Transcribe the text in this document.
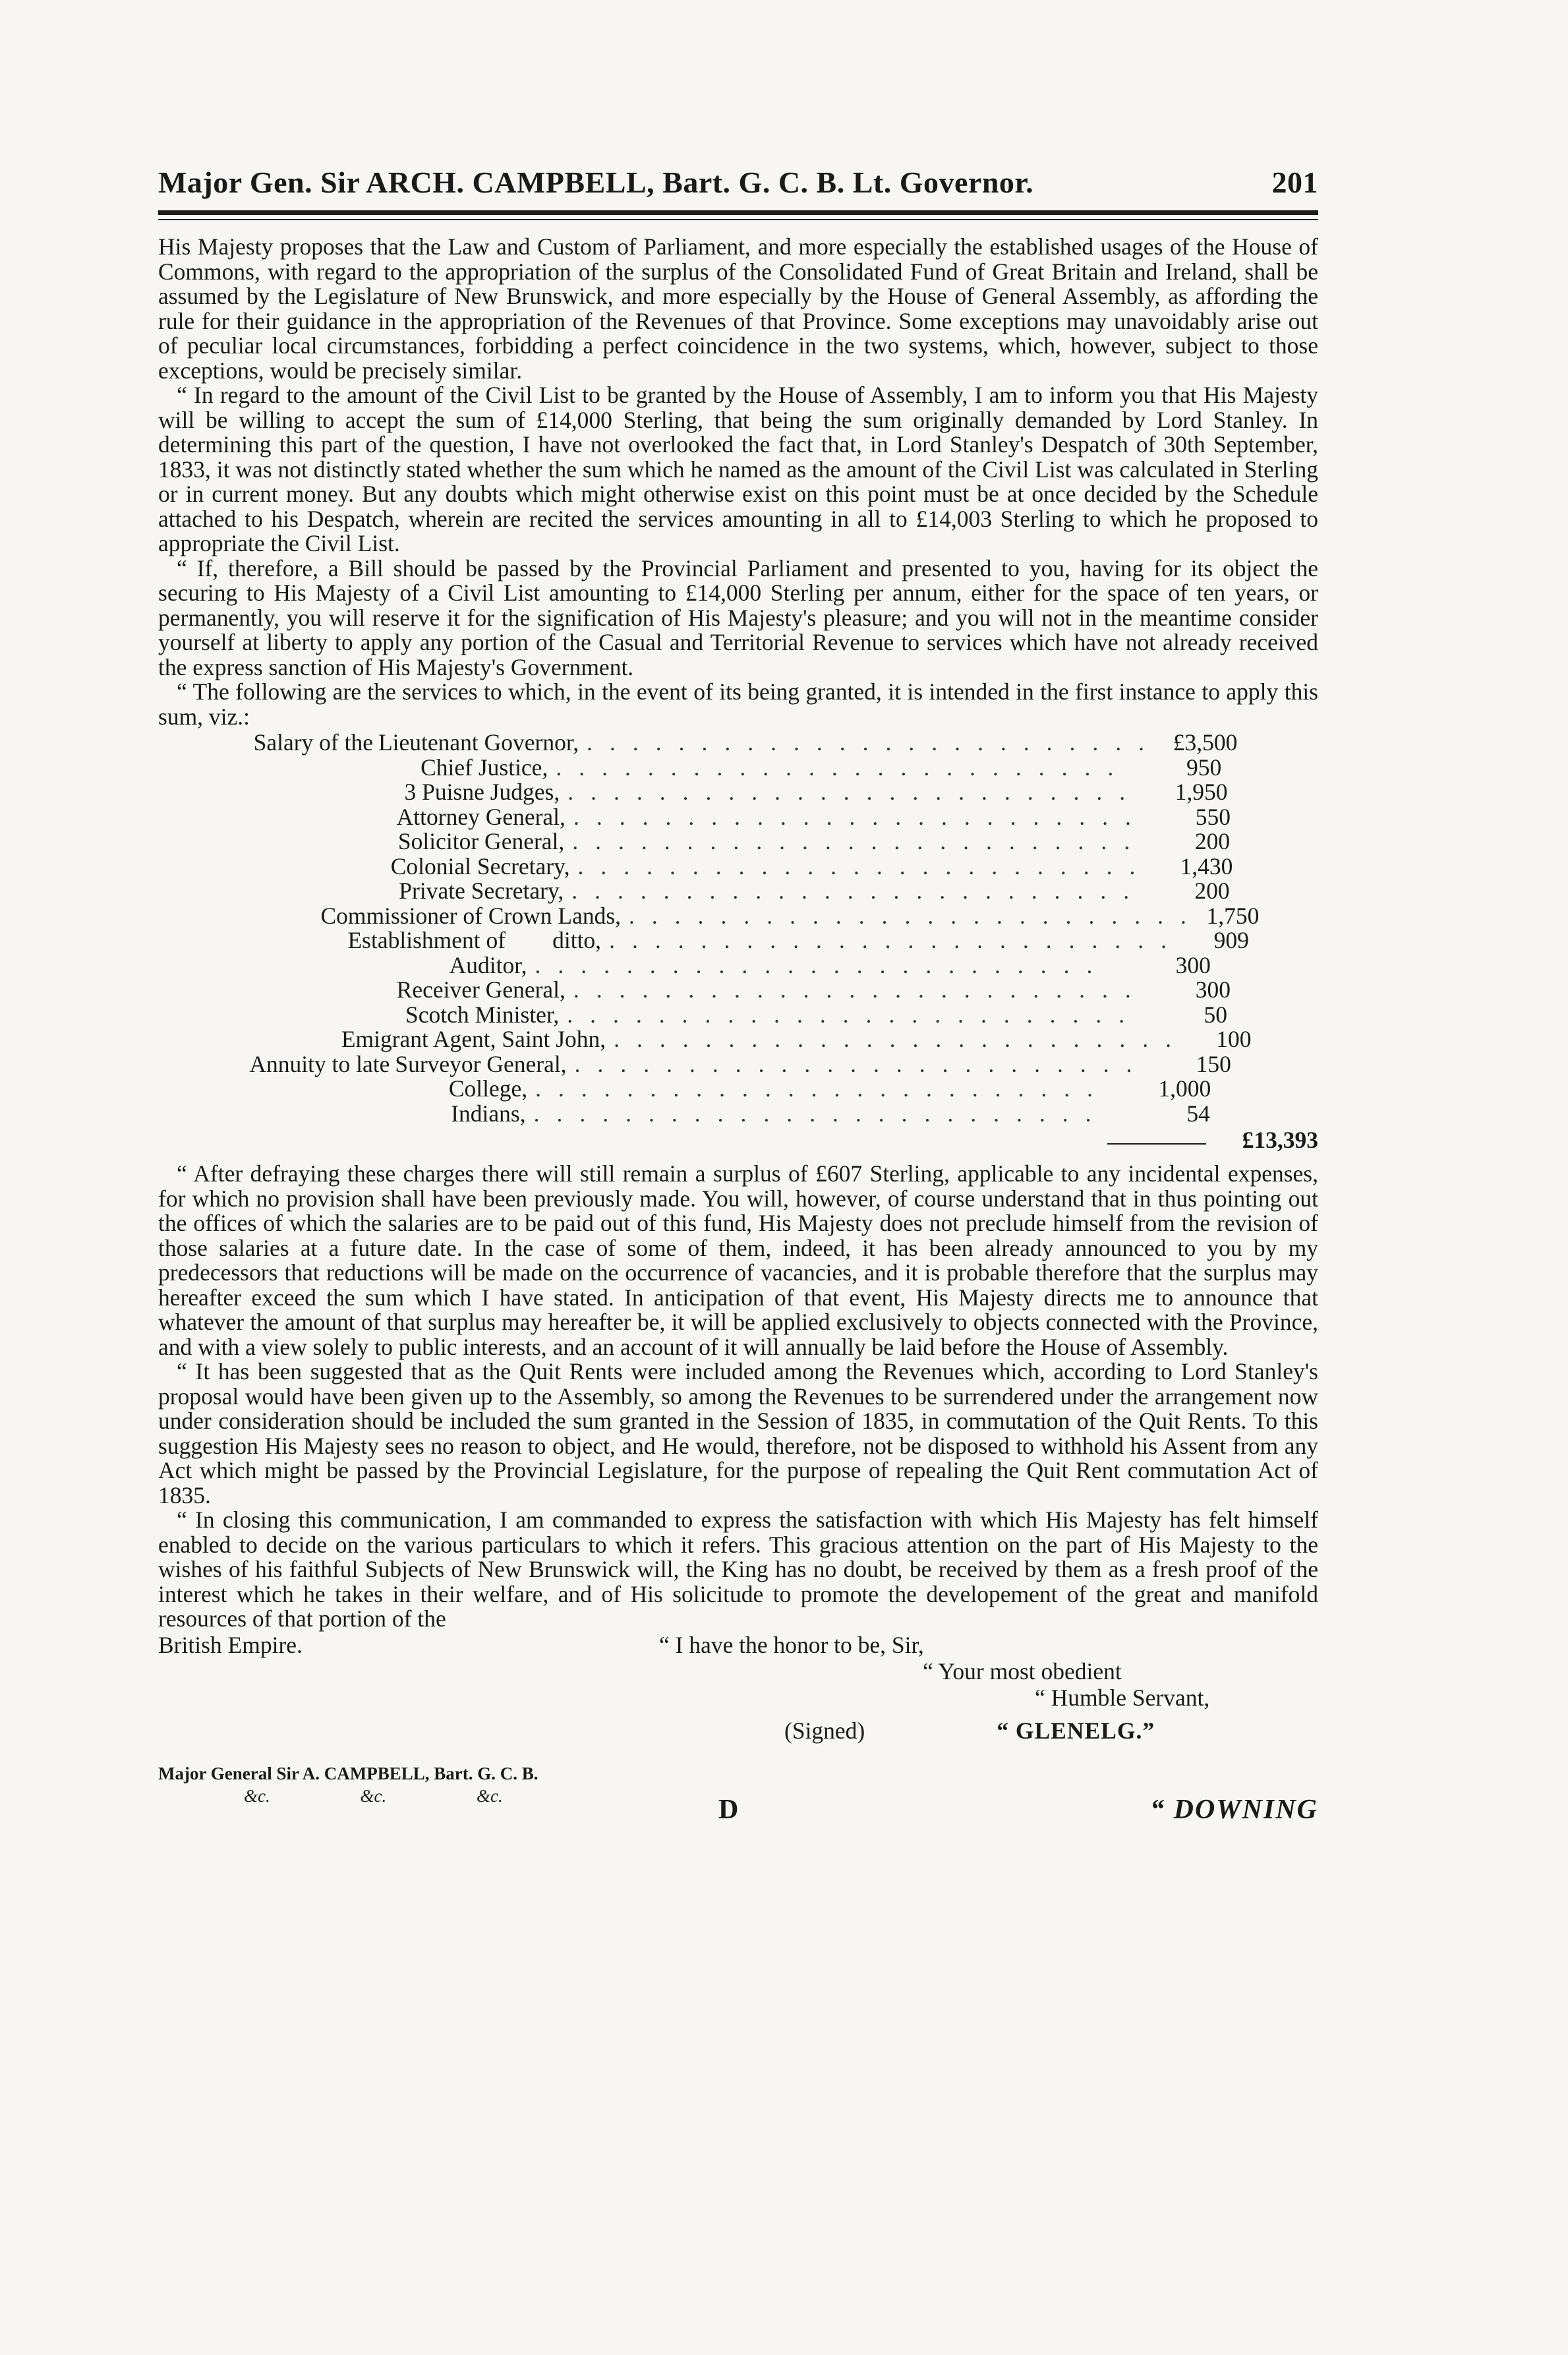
Major Gen. Sir ARCH. CAMPBELL, Bart. G. C. B. Lt. Governor.	201

His Majesty proposes that the Law and Custom of Parliament, and more especially the established usages of the House of Commons, with regard to the appropriation of the surplus of the Consolidated Fund of Great Britain and Ireland, shall be assumed by the Legislature of New Brunswick, and more especially by the House of General Assembly, as affording the rule for their guidance in the appropriation of the Revenues of that Province. Some exceptions may unavoidably arise out of peculiar local circumstances, forbidding a perfect coincidence in the two systems, which, however, subject to those exceptions, would be precisely similar.

“ In regard to the amount of the Civil List to be granted by the House of Assembly, I am to inform you that His Majesty will be willing to accept the sum of £14,000 Sterling, that being the sum originally demanded by Lord Stanley. In determining this part of the question, I have not overlooked the fact that, in Lord Stanley's Despatch of 30th September, 1833, it was not distinctly stated whether the sum which he named as the amount of the Civil List was calculated in Sterling or in current money. But any doubts which might otherwise exist on this point must be at once decided by the Schedule attached to his Despatch, wherein are recited the services amounting in all to £14,003 Sterling to which he proposed to appropriate the Civil List.

“ If, therefore, a Bill should be passed by the Provincial Parliament and presented to you, having for its object the securing to His Majesty of a Civil List amounting to £14,000 Sterling per annum, either for the space of ten years, or permanently, you will reserve it for the signification of His Majesty's pleasure; and you will not in the meantime consider yourself at liberty to apply any portion of the Casual and Territorial Revenue to services which have not already received the express sanction of His Majesty's Government.

“ The following are the services to which, in the event of its being granted, it is intended in the first instance to apply this sum, viz.:

Salary of the Lieutenant Governor, ......................... £3,500
Chief Justice, .........................	950
3 Puisne Judges, .........................	1,950
Attorney General, .........................	550
Solicitor General, .........................	200
Colonial Secretary, .........................	1,430
Private Secretary, .........................	200
Commissioner of Crown Lands, ......................... 1,750
Establishment of        ditto, .........................	909
Auditor, .........................	300
Receiver General, .........................	300
Scotch Minister, .........................	50
Emigrant Agent, Saint John, .........................	100
Annuity to late Surveyor General, .........................	150
College, .........................	1,000
Indians, .........................	54
£13,393

“ After defraying these charges there will still remain a surplus of £607 Sterling, applicable to any incidental expenses, for which no provision shall have been previously made. You will, however, of course understand that in thus pointing out the offices of which the salaries are to be paid out of this fund, His Majesty does not preclude himself from the revision of those salaries at a future date. In the case of some of them, indeed, it has been already announced to you by my predecessors that reductions will be made on the occurrence of vacancies, and it is probable therefore that the surplus may hereafter exceed the sum which I have stated. In anticipation of that event, His Majesty directs me to announce that whatever the amount of that surplus may hereafter be, it will be applied exclusively to objects connected with the Province, and with a view solely to public interests, and an account of it will annually be laid before the House of Assembly.

“ It has been suggested that as the Quit Rents were included among the Revenues which, according to Lord Stanley's proposal would have been given up to the Assembly, so among the Revenues to be surrendered under the arrangement now under consideration should be included the sum granted in the Session of 1835, in commutation of the Quit Rents. To this suggestion His Majesty sees no reason to object, and He would, therefore, not be disposed to withhold his Assent from any Act which might be passed by the Provincial Legislature, for the purpose of repealing the Quit Rent commutation Act of 1835.

“ In closing this communication, I am commanded to express the satisfaction with which His Majesty has felt himself enabled to decide on the various particulars to which it refers. This gracious attention on the part of His Majesty to the wishes of his faithful Subjects of New Brunswick will, the King has no doubt, be received by them as a fresh proof of the interest which he takes in their welfare, and of His solicitude to promote the developement of the great and manifold resources of that portion of the

British Empire.	“ I have the honor to be, Sir,
“ Your most obedient
“ Humble Servant,
(Signed)	“ GLENELG.”
Major General Sir A. CAMPBELL, Bart. G. C. B.
&c. &c. &c.	D	“ DOWNING
